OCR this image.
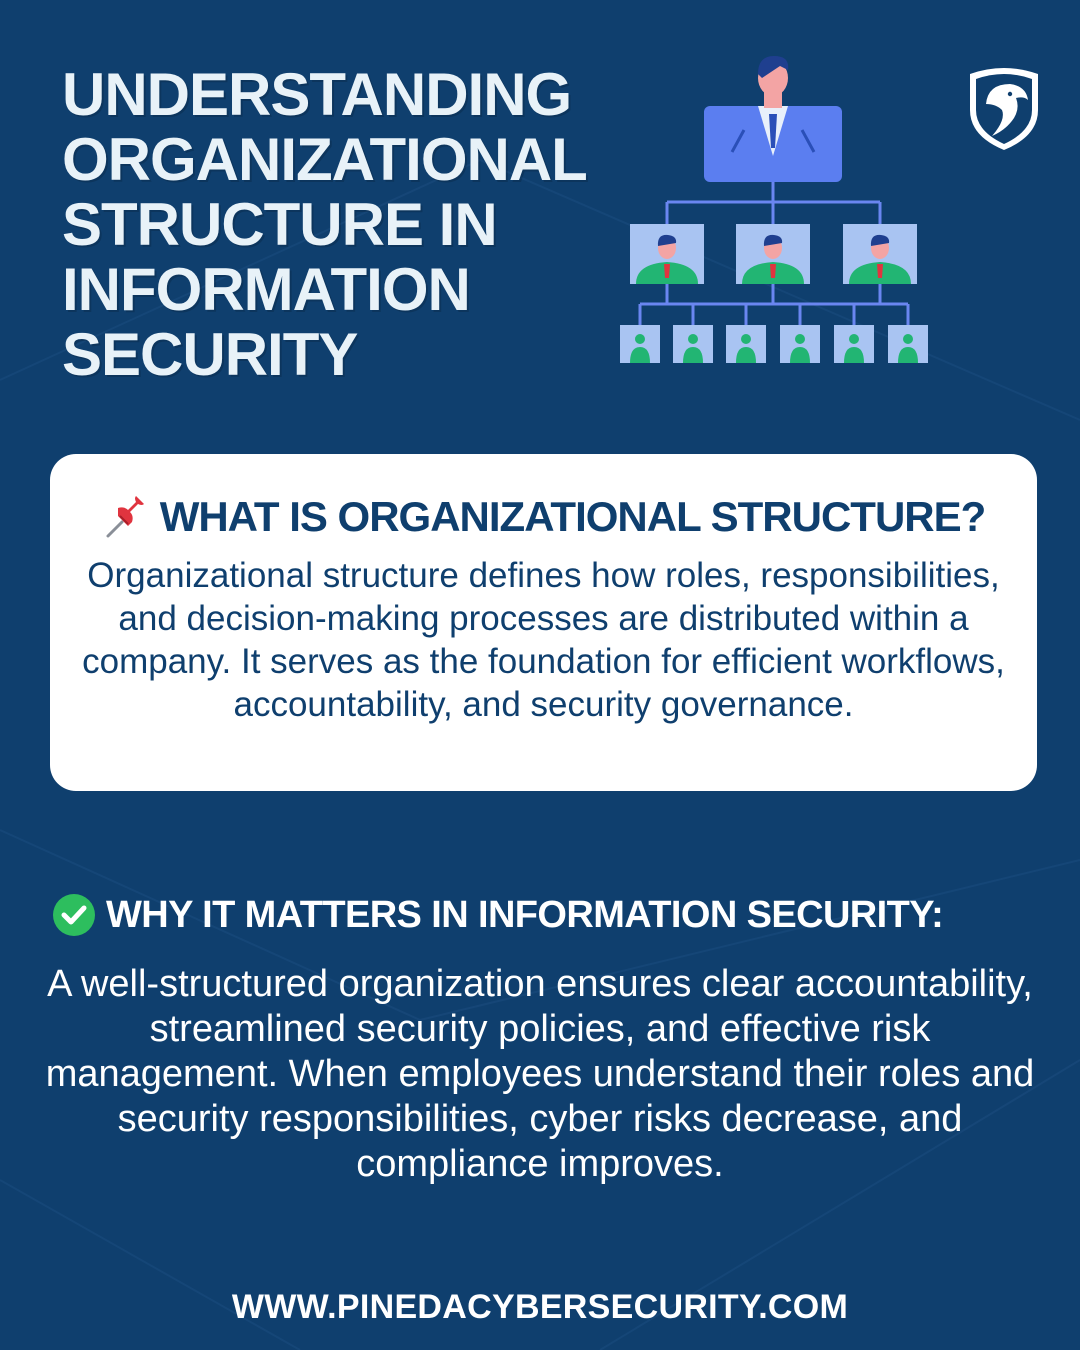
UNDERSTANDING
ORGANIZATIONAL
STRUCTURE IN
INFORMATION
SECURITY
WHAT IS ORGANIZATIONAL STRUCTURE?

Organizational structure defines how roles, responsibilities, and decision-making processes are distributed within a company. It serves as the foundation for efficient workflows, accountability, and security governance.

WHY IT MATTERS IN INFORMATION SECURITY:

A well-structured organization ensures clear accountability, streamlined security policies, and effective risk management. When employees understand their roles and security responsibilities, cyber risks decrease, and compliance improves.

WWW.PINEDACYBERSECURITY.COM
